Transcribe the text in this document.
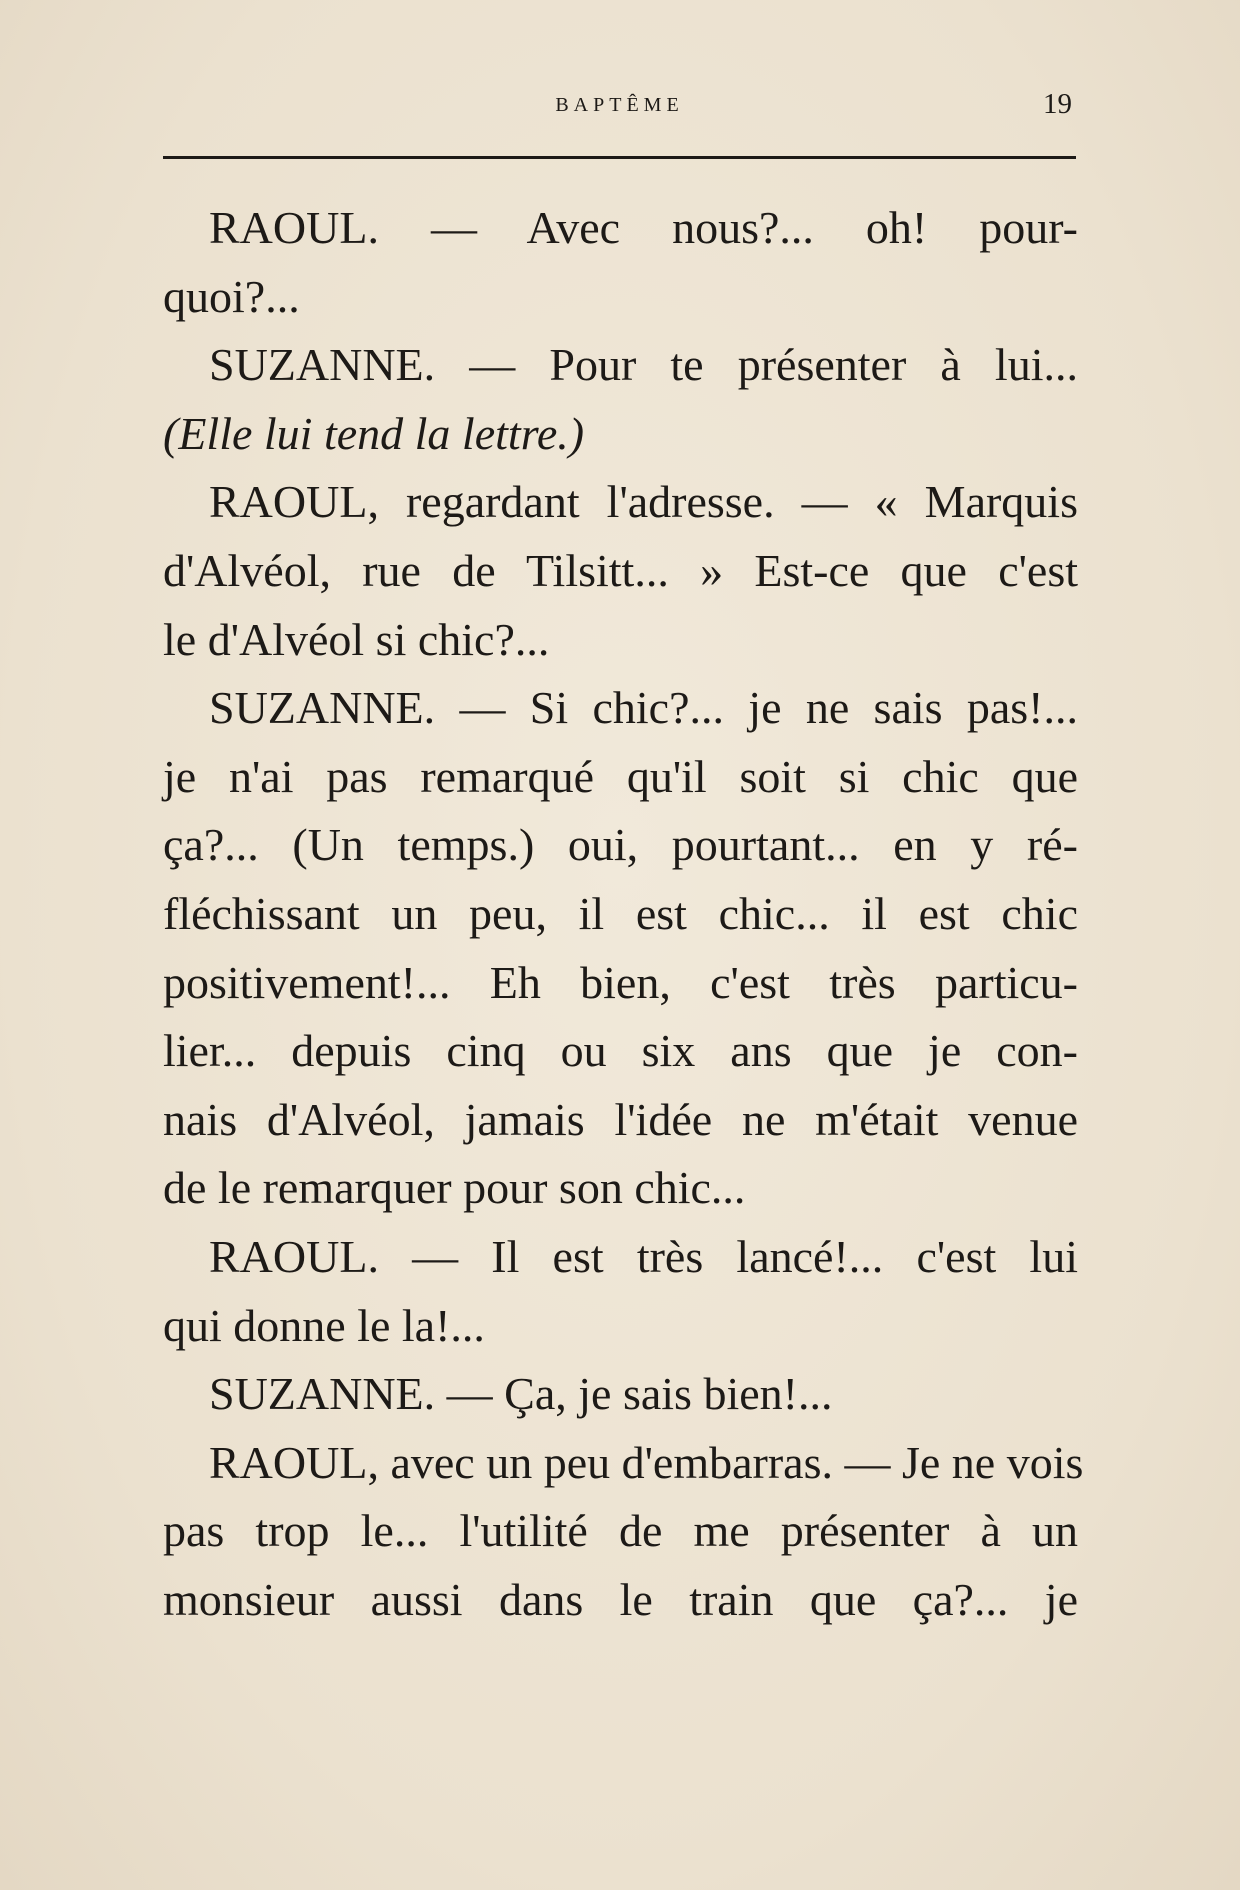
BAPTÊME	19
RAOUL. — Avec nous?... oh! pour-
quoi?...
SUZANNE. — Pour te présenter à lui...
(Elle lui tend la lettre.)
RAOUL, regardant l'adresse. — « Marquis
d'Alvéol, rue de Tilsitt... » Est-ce que c'est
le d'Alvéol si chic?...
SUZANNE. — Si chic?... je ne sais pas!...
je n'ai pas remarqué qu'il soit si chic que
ça?... (Un temps.) oui, pourtant... en y ré-
fléchissant un peu, il est chic... il est chic
positivement!... Eh bien, c'est très particu-
lier... depuis cinq ou six ans que je con-
nais d'Alvéol, jamais l'idée ne m'était venue
de le remarquer pour son chic...
RAOUL. — Il est très lancé!... c'est lui
qui donne le la!...
SUZANNE. — Ça, je sais bien!...
RAOUL, avec un peu d'embarras. — Je ne vois
pas trop le... l'utilité de me présenter à un
monsieur aussi dans le train que ça?... je
